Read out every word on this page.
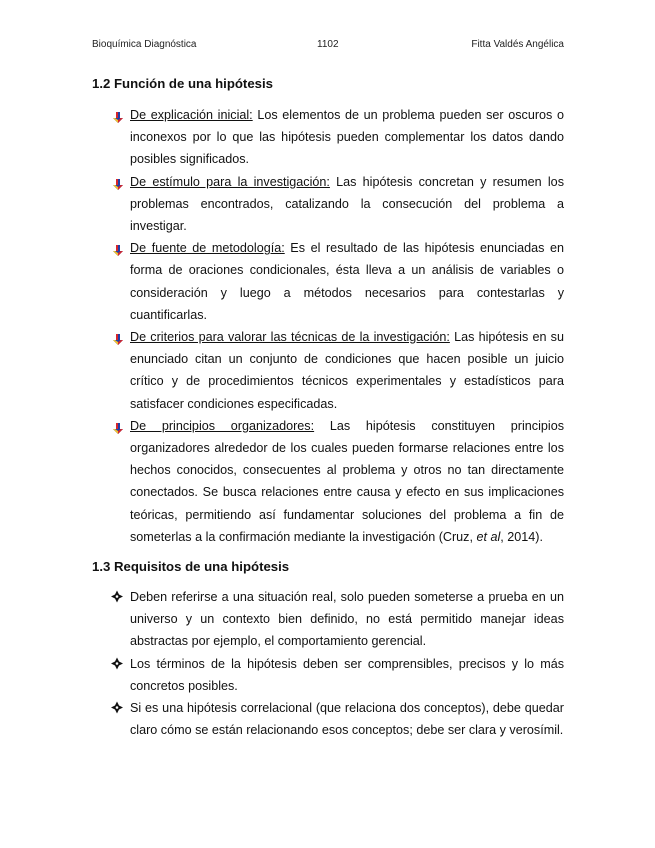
Bioquímica Diagnóstica	1102	Fitta Valdés Angélica
1.2 Función de una hipótesis
De explicación inicial: Los elementos de un problema pueden ser oscuros o inconexos por lo que las hipótesis pueden complementar los datos dando posibles significados.
De estímulo para la investigación: Las hipótesis concretan y resumen los problemas encontrados, catalizando la consecución del problema a investigar.
De fuente de metodología: Es el resultado de las hipótesis enunciadas en forma de oraciones condicionales, ésta lleva a un análisis de variables o consideración y luego a métodos necesarios para contestarlas y cuantificarlas.
De criterios para valorar las técnicas de la investigación: Las hipótesis en su enunciado citan un conjunto de condiciones que hacen posible un juicio crítico y de procedimientos técnicos experimentales y estadísticos para satisfacer condiciones especificadas.
De principios organizadores: Las hipótesis constituyen principios organizadores alrededor de los cuales pueden formarse relaciones entre los hechos conocidos, consecuentes al problema y otros no tan directamente conectados. Se busca relaciones entre causa y efecto en sus implicaciones teóricas, permitiendo así fundamentar soluciones del problema a fin de someterlas a la confirmación mediante la investigación (Cruz, et al, 2014).
1.3 Requisitos de una hipótesis
Deben referirse a una situación real, solo pueden someterse a prueba en un universo y un contexto bien definido, no está permitido manejar ideas abstractas por ejemplo, el comportamiento gerencial.
Los términos de la hipótesis deben ser comprensibles, precisos y lo más concretos posibles.
Si es una hipótesis correlacional (que relaciona dos conceptos), debe quedar claro cómo se están relacionando esos conceptos; debe ser clara y verosímil.
